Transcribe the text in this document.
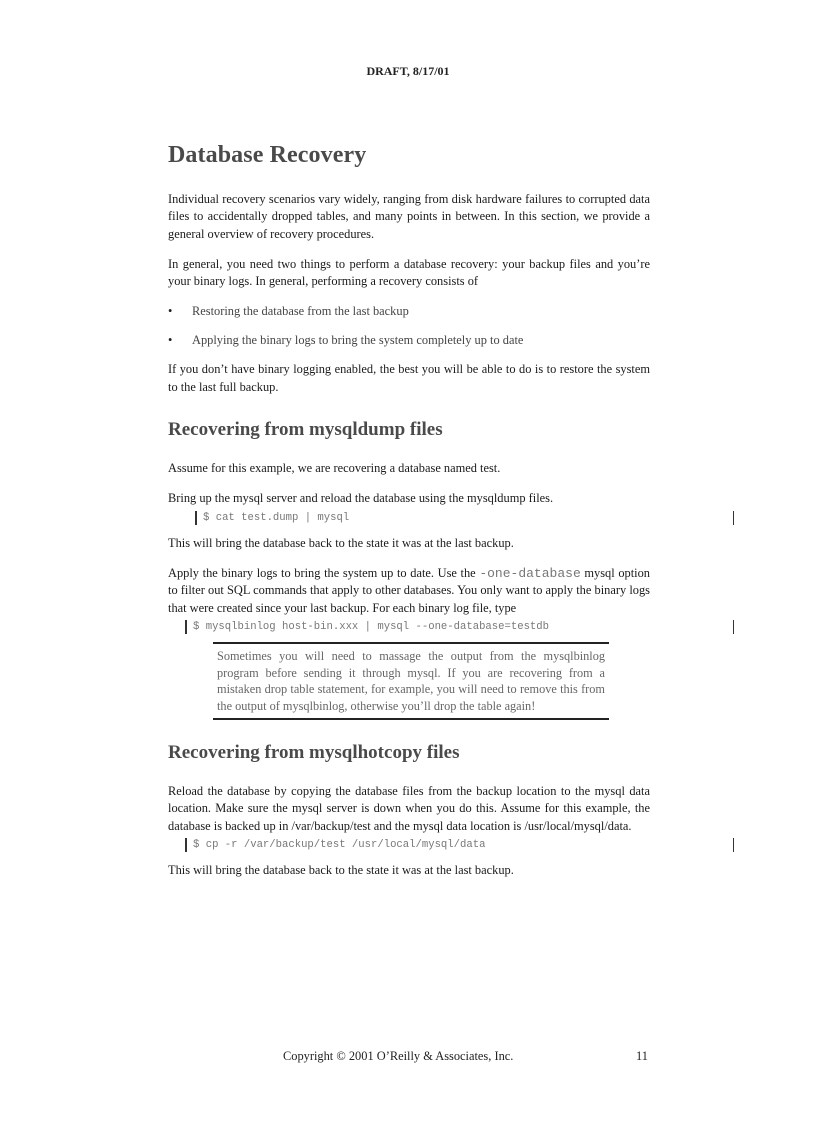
DRAFT, 8/17/01
Database Recovery

Individual recovery scenarios vary widely, ranging from disk hardware failures to corrupted data files to accidentally dropped tables, and many points in between. In this section, we provide a general overview of recovery procedures.

In general, you need two things to perform a database recovery: your backup files and you’re your binary logs. In general, performing a recovery consists of

• Restoring the database from the last backup
• Applying the binary logs to bring the system completely up to date

If you don’t have binary logging enabled, the best you will be able to do is to restore the system to the last full backup.

Recovering from mysqldump files

Assume for this example, we are recovering a database named test.

Bring up the mysql server and reload the database using the mysqldump files.

$ cat test.dump | mysql

This will bring the database back to the state it was at the last backup.

Apply the binary logs to bring the system up to date. Use the -one-database mysql option to filter out SQL commands that apply to other databases. You only want to apply the binary logs that were created since your last backup. For each binary log file, type

$ mysqlbinlog host-bin.xxx | mysql --one-database=testdb

Sometimes you will need to massage the output from the mysqlbinlog program before sending it through mysql. If you are recovering from a mistaken drop table statement, for example, you will need to remove this from the output of mysqlbinlog, otherwise you’ll drop the table again!

Recovering from mysqlhotcopy files

Reload the database by copying the database files from the backup location to the mysql data location. Make sure the mysql server is down when you do this. Assume for this example, the database is backed up in /var/backup/test and the mysql data location is /usr/local/mysql/data.

$ cp -r /var/backup/test /usr/local/mysql/data

This will bring the database back to the state it was at the last backup.

Copyright © 2001 O’Reilly & Associates, Inc.	11
